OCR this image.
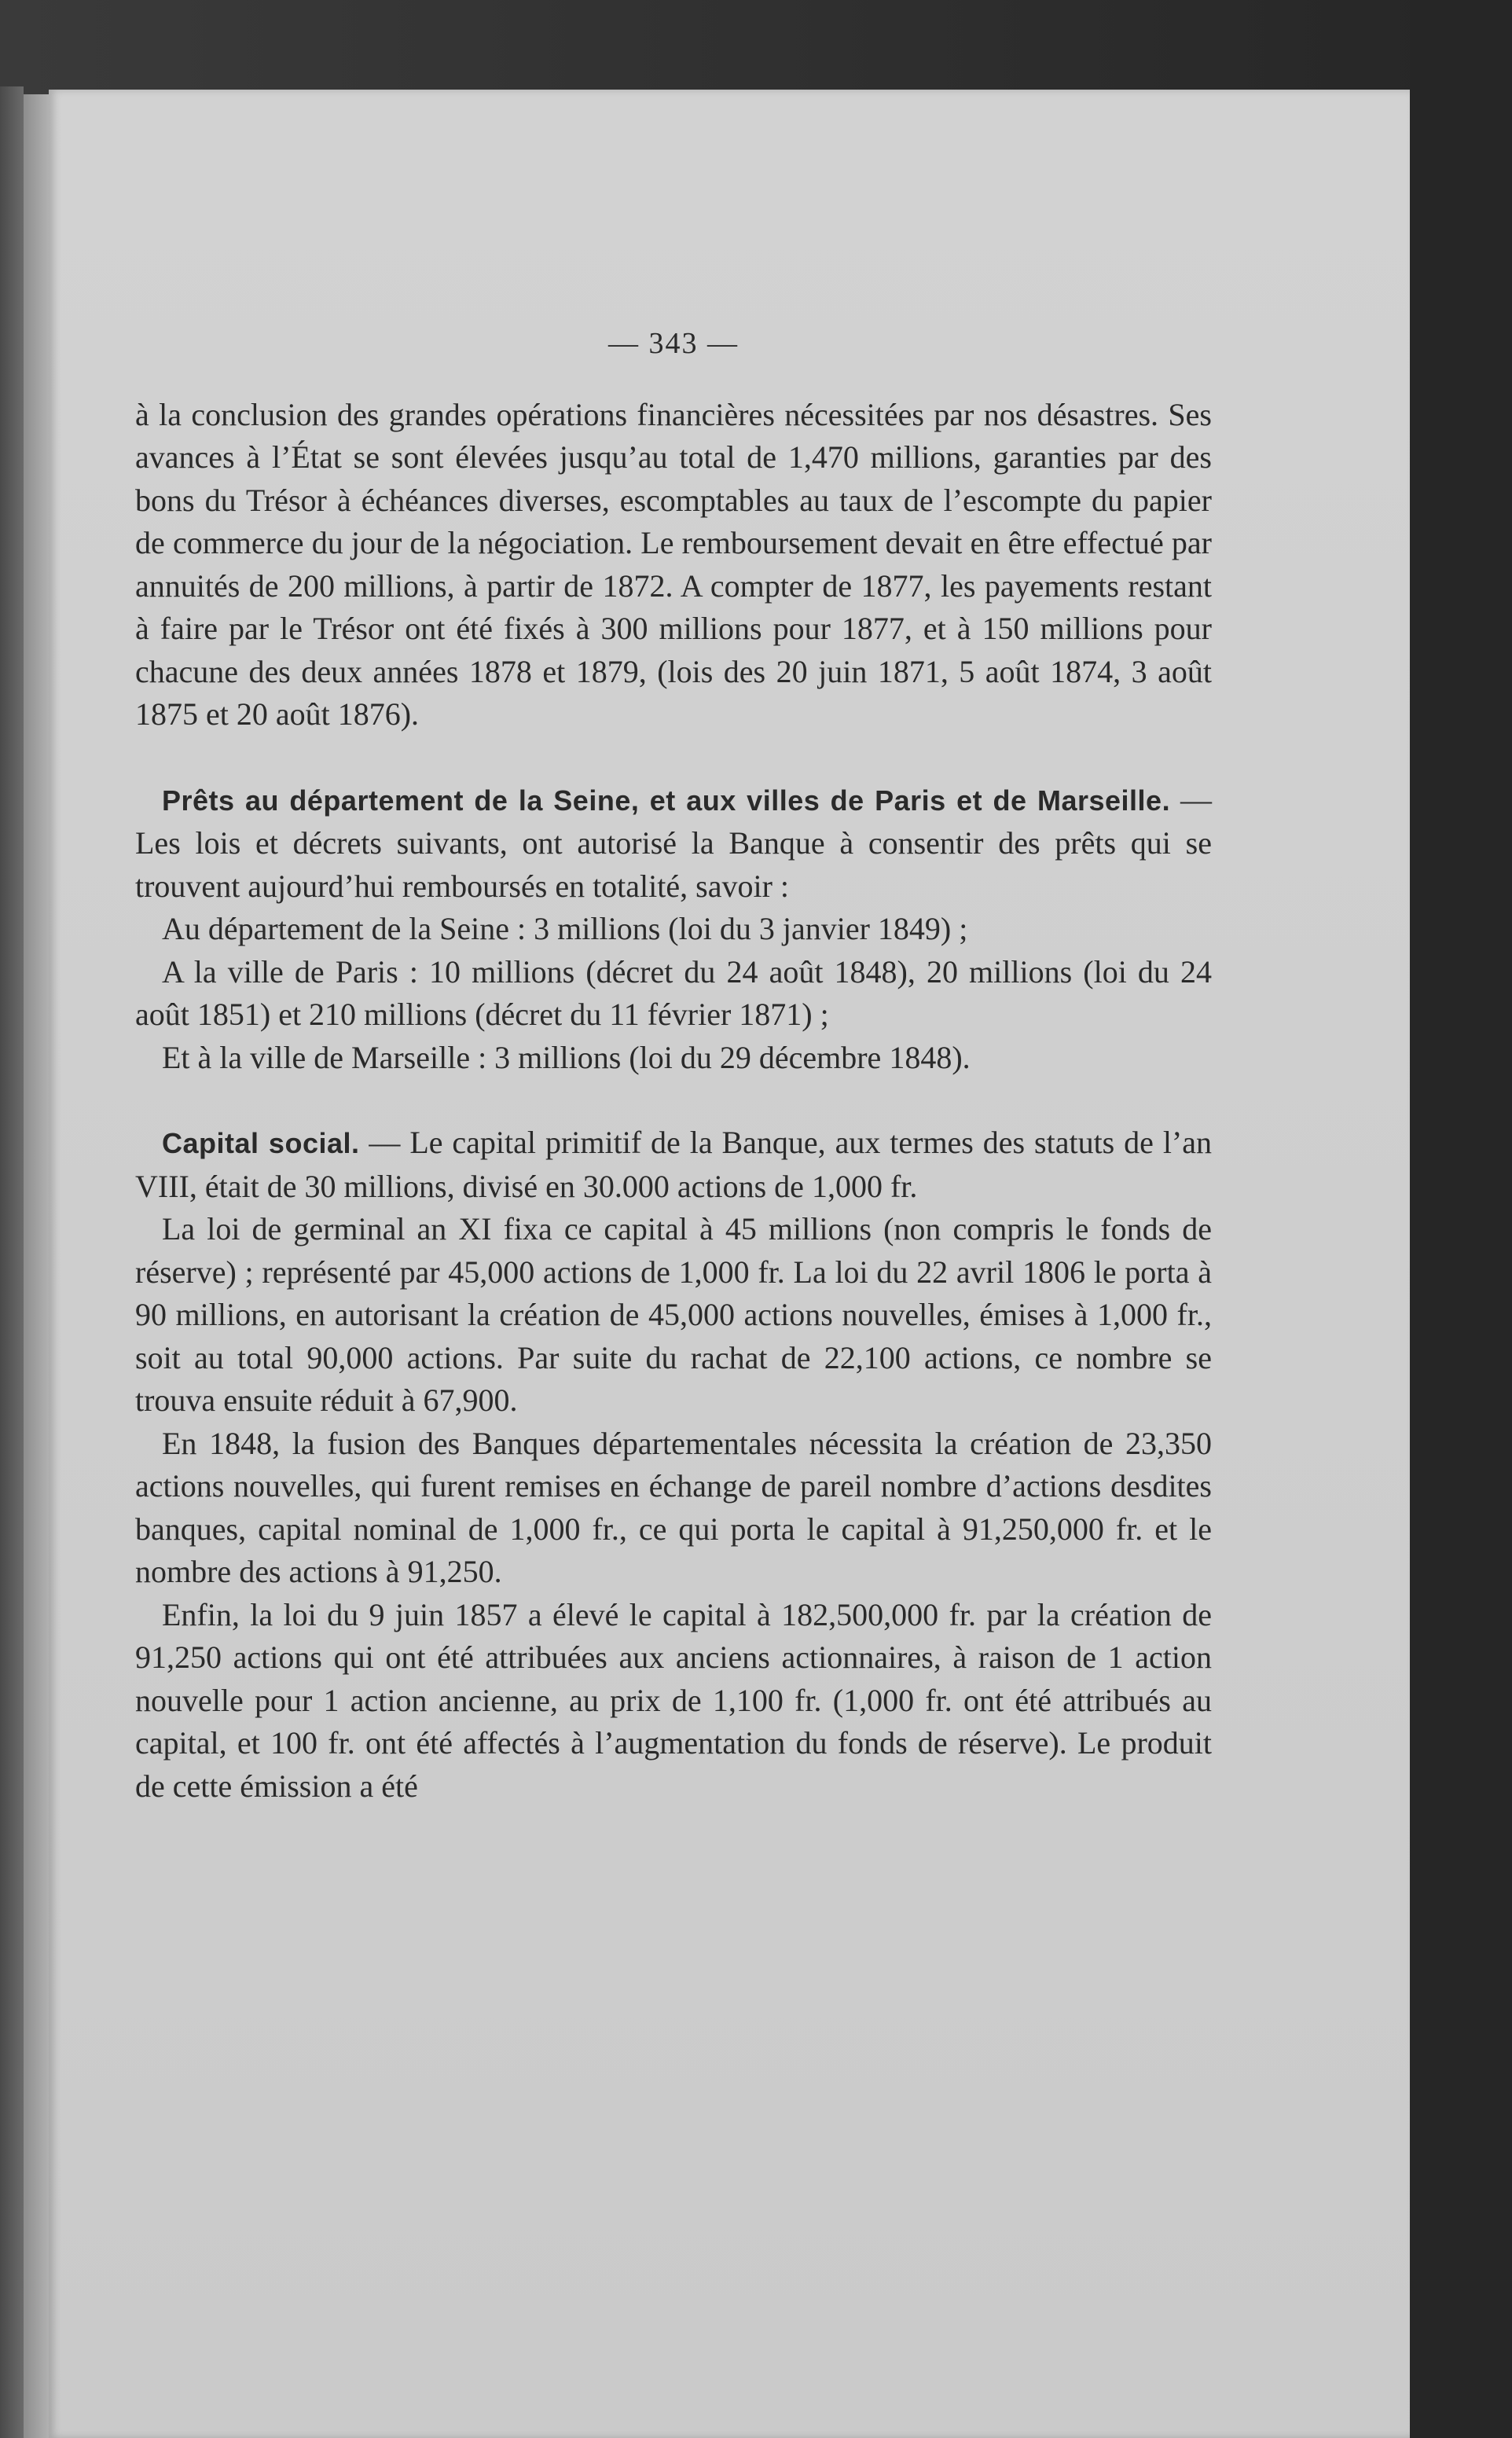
— 343 —

à la conclusion des grandes opérations financières nécessitées par nos désastres. Ses avances à l’État se sont élevées jusqu’au total de 1,470 millions, garanties par des bons du Trésor à échéances diverses, escomptables au taux de l’escompte du papier de commerce du jour de la négociation. Le remboursement devait en être effectué par annuités de 200 millions, à partir de 1872. A compter de 1877, les payements restant à faire par le Trésor ont été fixés à 300 millions pour 1877, et à 150 millions pour chacune des deux années 1878 et 1879, (lois des 20 juin 1871, 5 août 1874, 3 août 1875 et 20 août 1876).

Prêts au département de la Seine, et aux villes de Paris et de Marseille. — Les lois et décrets suivants, ont autorisé la Banque à consentir des prêts qui se trouvent aujourd’hui remboursés en totalité, savoir :

Au département de la Seine : 3 millions (loi du 3 janvier 1849) ;

A la ville de Paris : 10 millions (décret du 24 août 1848), 20 millions (loi du 24 août 1851) et 210 millions (décret du 11 février 1871) ;

Et à la ville de Marseille : 3 millions (loi du 29 décembre 1848).

Capital social. — Le capital primitif de la Banque, aux termes des statuts de l’an VIII, était de 30 millions, divisé en 30.000 actions de 1,000 fr.

La loi de germinal an XI fixa ce capital à 45 millions (non compris le fonds de réserve) ; représenté par 45,000 actions de 1,000 fr. La loi du 22 avril 1806 le porta à 90 millions, en autorisant la création de 45,000 actions nouvelles, émises à 1,000 fr., soit au total 90,000 actions. Par suite du rachat de 22,100 actions, ce nombre se trouva ensuite réduit à 67,900.

En 1848, la fusion des Banques départementales nécessita la création de 23,350 actions nouvelles, qui furent remises en échange de pareil nombre d’actions desdites banques, capital nominal de 1,000 fr., ce qui porta le capital à 91,250,000 fr. et le nombre des actions à 91,250.

Enfin, la loi du 9 juin 1857 a élevé le capital à 182,500,000 fr. par la création de 91,250 actions qui ont été attribuées aux anciens actionnaires, à raison de 1 action nouvelle pour 1 action ancienne, au prix de 1,100 fr. (1,000 fr. ont été attribués au capital, et 100 fr. ont été affectés à l’augmentation du fonds de réserve). Le produit de cette émission a été
